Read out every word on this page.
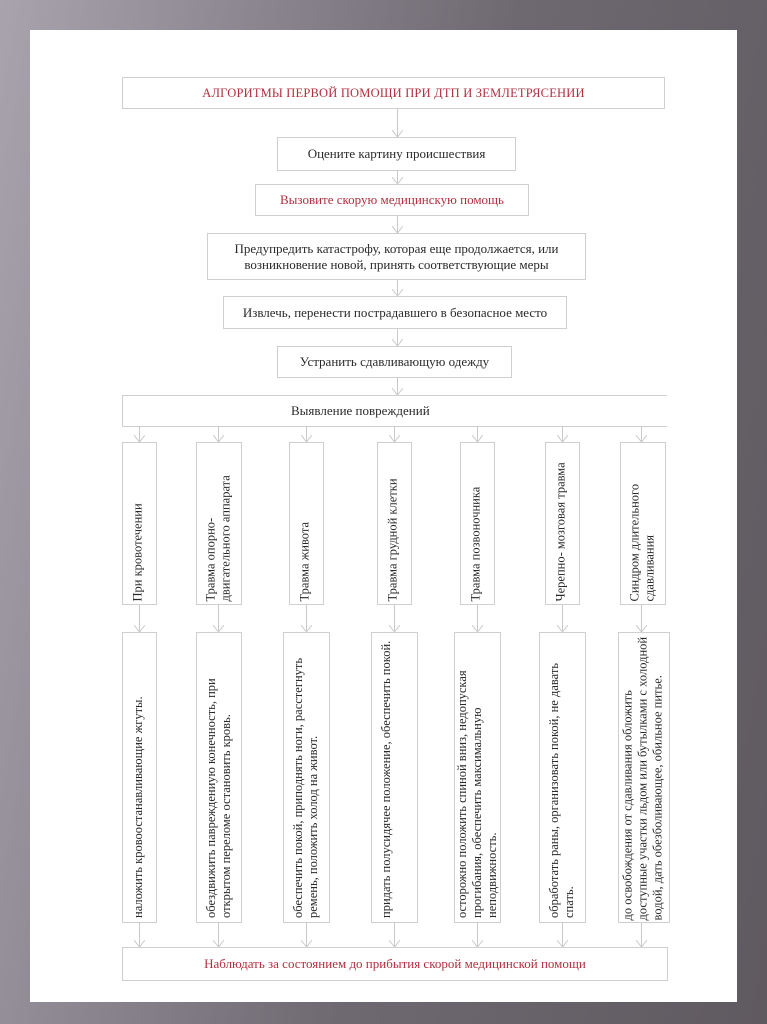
АЛГОРИТМЫ ПЕРВОЙ ПОМОЩИ ПРИ ДТП И ЗЕМЛЕТРЯСЕНИИ
Оцените картину происшествия
Вызовите скорую медицинскую помощь
Предупредить катастрофу, которая еще продолжается, или возникновение новой, принять соответствующие меры
Извлечь, перенести пострадавшего в безопасное место
Устранить сдавливающую одежду
Выявление повреждений
При кровотечении
наложить кровоостанавливающие жгуты.
Травма опорно-двигательного аппарата
обездвижить павреждениую конечность, при открытом переломе остановить кровь.
Травма живота
обеспечить покой, приподнять ноги, расстегнуть ремень, положить холод на живот.
Травма грудной клетки
придать полусидячее положение, обеспечить покой.
Травма позвоночника
осторожно положить спиной вниз, недопуская прогибания, обеспечить максимальную неподвижность.
Черепно- мозговая травма
обработать раны, организовать покой, не давать спать.
Синдром длительного сдавливания
до освобождения от сдавливания обложить доступные участки льдом или бутылками с холодной водой, дать обезболивающее, обильное питье.
Наблюдать за состоянием до прибытия скорой медицинской помощи
